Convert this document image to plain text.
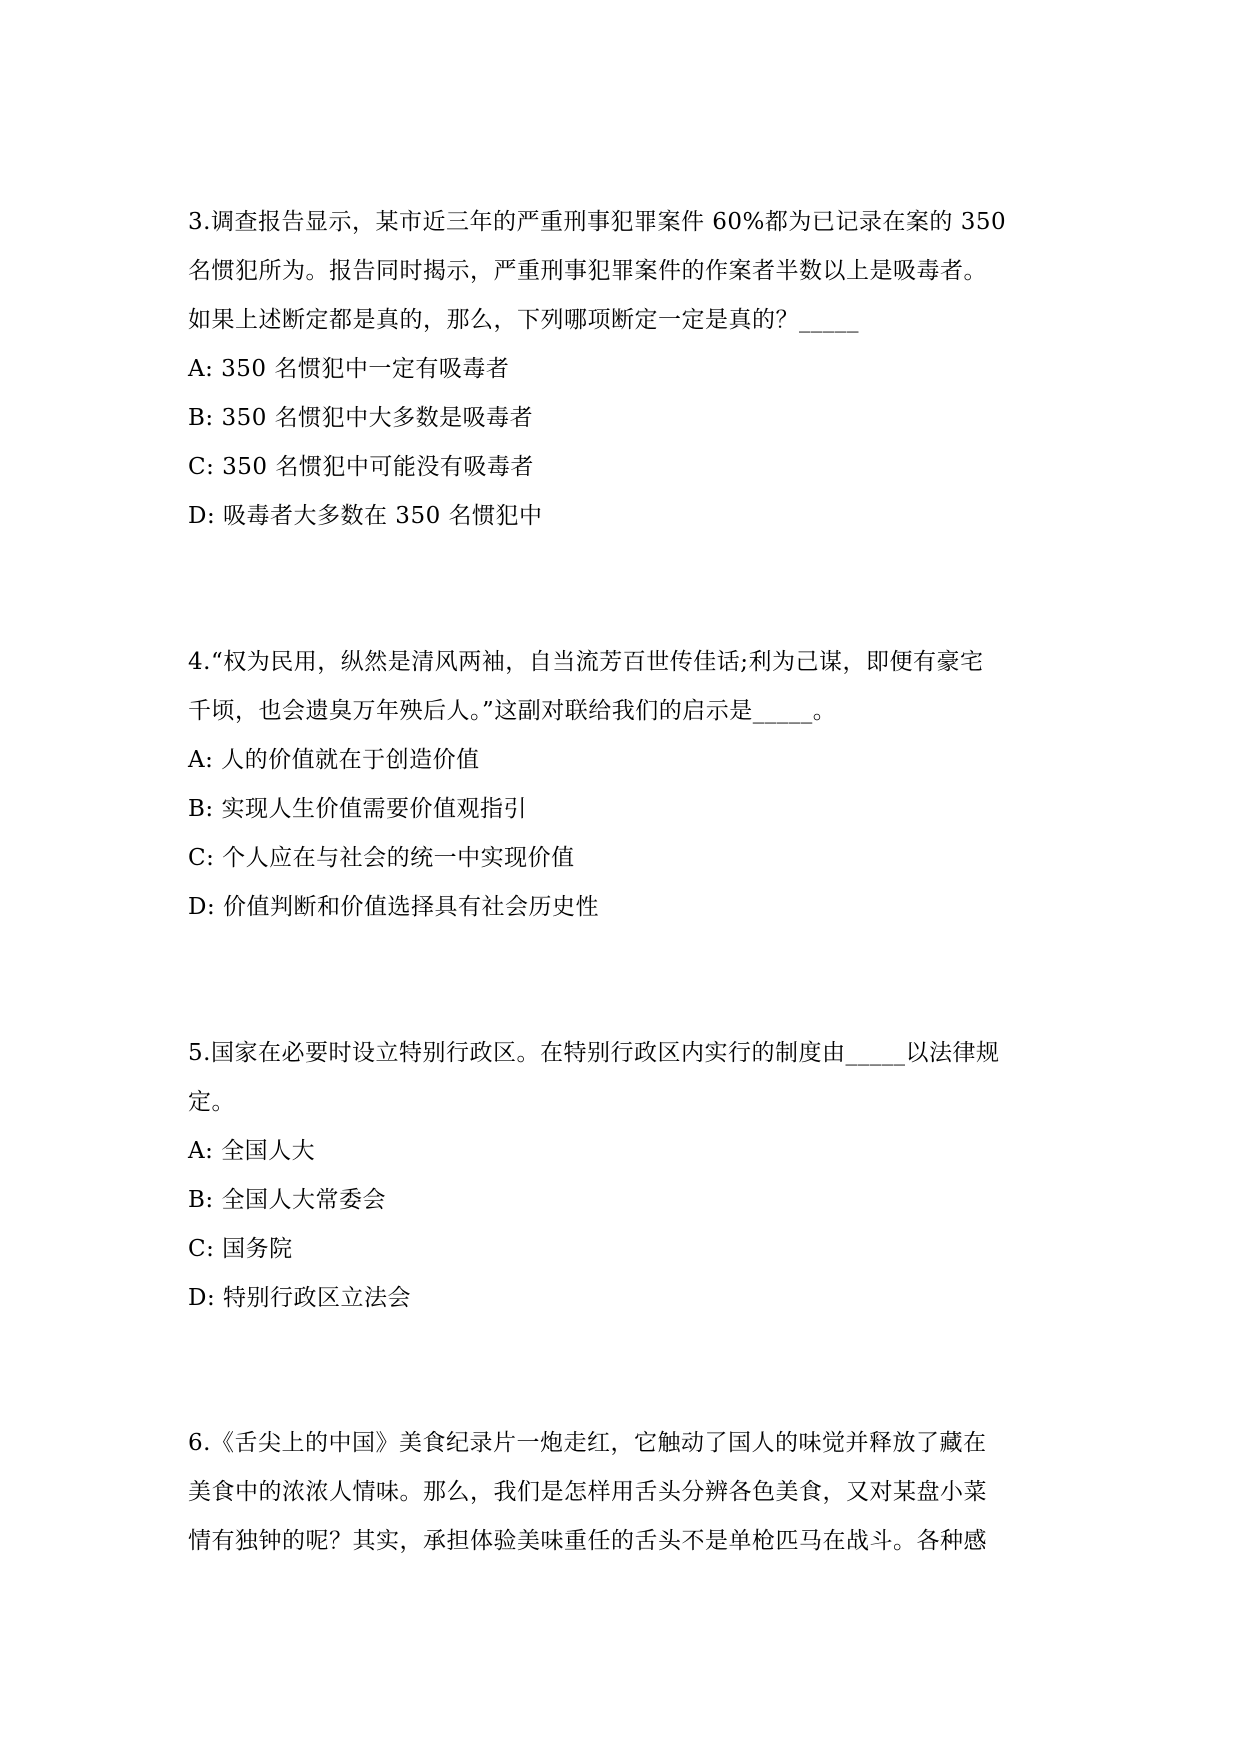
3.调查报告显示，某市近三年的严重刑事犯罪案件 60%都为已记录在案的 350
名惯犯所为。报告同时揭示，严重刑事犯罪案件的作案者半数以上是吸毒者。
如果上述断定都是真的，那么，下列哪项断定一定是真的？_____
A: 350 名惯犯中一定有吸毒者
B: 350 名惯犯中大多数是吸毒者
C: 350 名惯犯中可能没有吸毒者
D: 吸毒者大多数在 350 名惯犯中
4.“权为民用，纵然是清风两袖，自当流芳百世传佳话;利为己谋，即便有豪宅
千顷，也会遗臭万年殃后人。”这副对联给我们的启示是_____。
A: 人的价值就在于创造价值
B: 实现人生价值需要价值观指引
C: 个人应在与社会的统一中实现价值
D: 价值判断和价值选择具有社会历史性
5.国家在必要时设立特别行政区。在特别行政区内实行的制度由_____以法律规
定。
A: 全国人大
B: 全国人大常委会
C: 国务院
D: 特别行政区立法会
6.《舌尖上的中国》美食纪录片一炮走红，它触动了国人的味觉并释放了藏在
美食中的浓浓人情味。那么，我们是怎样用舌头分辨各色美食，又对某盘小菜
情有独钟的呢？其实，承担体验美味重任的舌头不是单枪匹马在战斗。各种感
